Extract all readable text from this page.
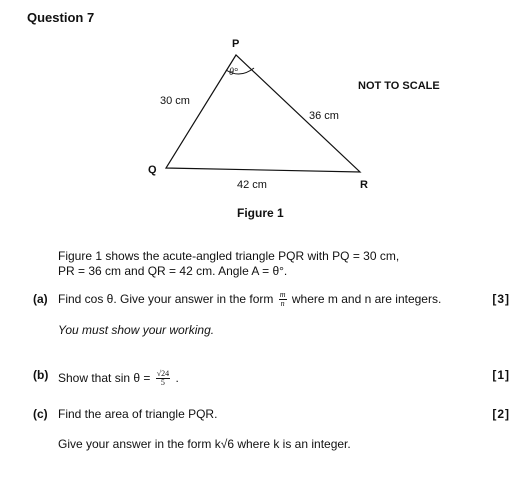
Question 7
θ°
P
Q
R
30 cm
36 cm
42 cm
NOT TO SCALE
Figure 1
Figure 1 shows the acute-angled triangle PQR with PQ = 30 cm,
PR = 36 cm and QR = 42 cm. Angle A = θ°.
(a) Find cos θ. Give your answer in the form $\frac{m}{n}$ where m and n are integers.	[3]
You must show your working.
(b) Show that $\sin \theta = \frac{√24}{5}$ .	[1]
(c) Find the area of triangle PQR.	[2]
Give your answer in the form k√6 where k is an integer.
